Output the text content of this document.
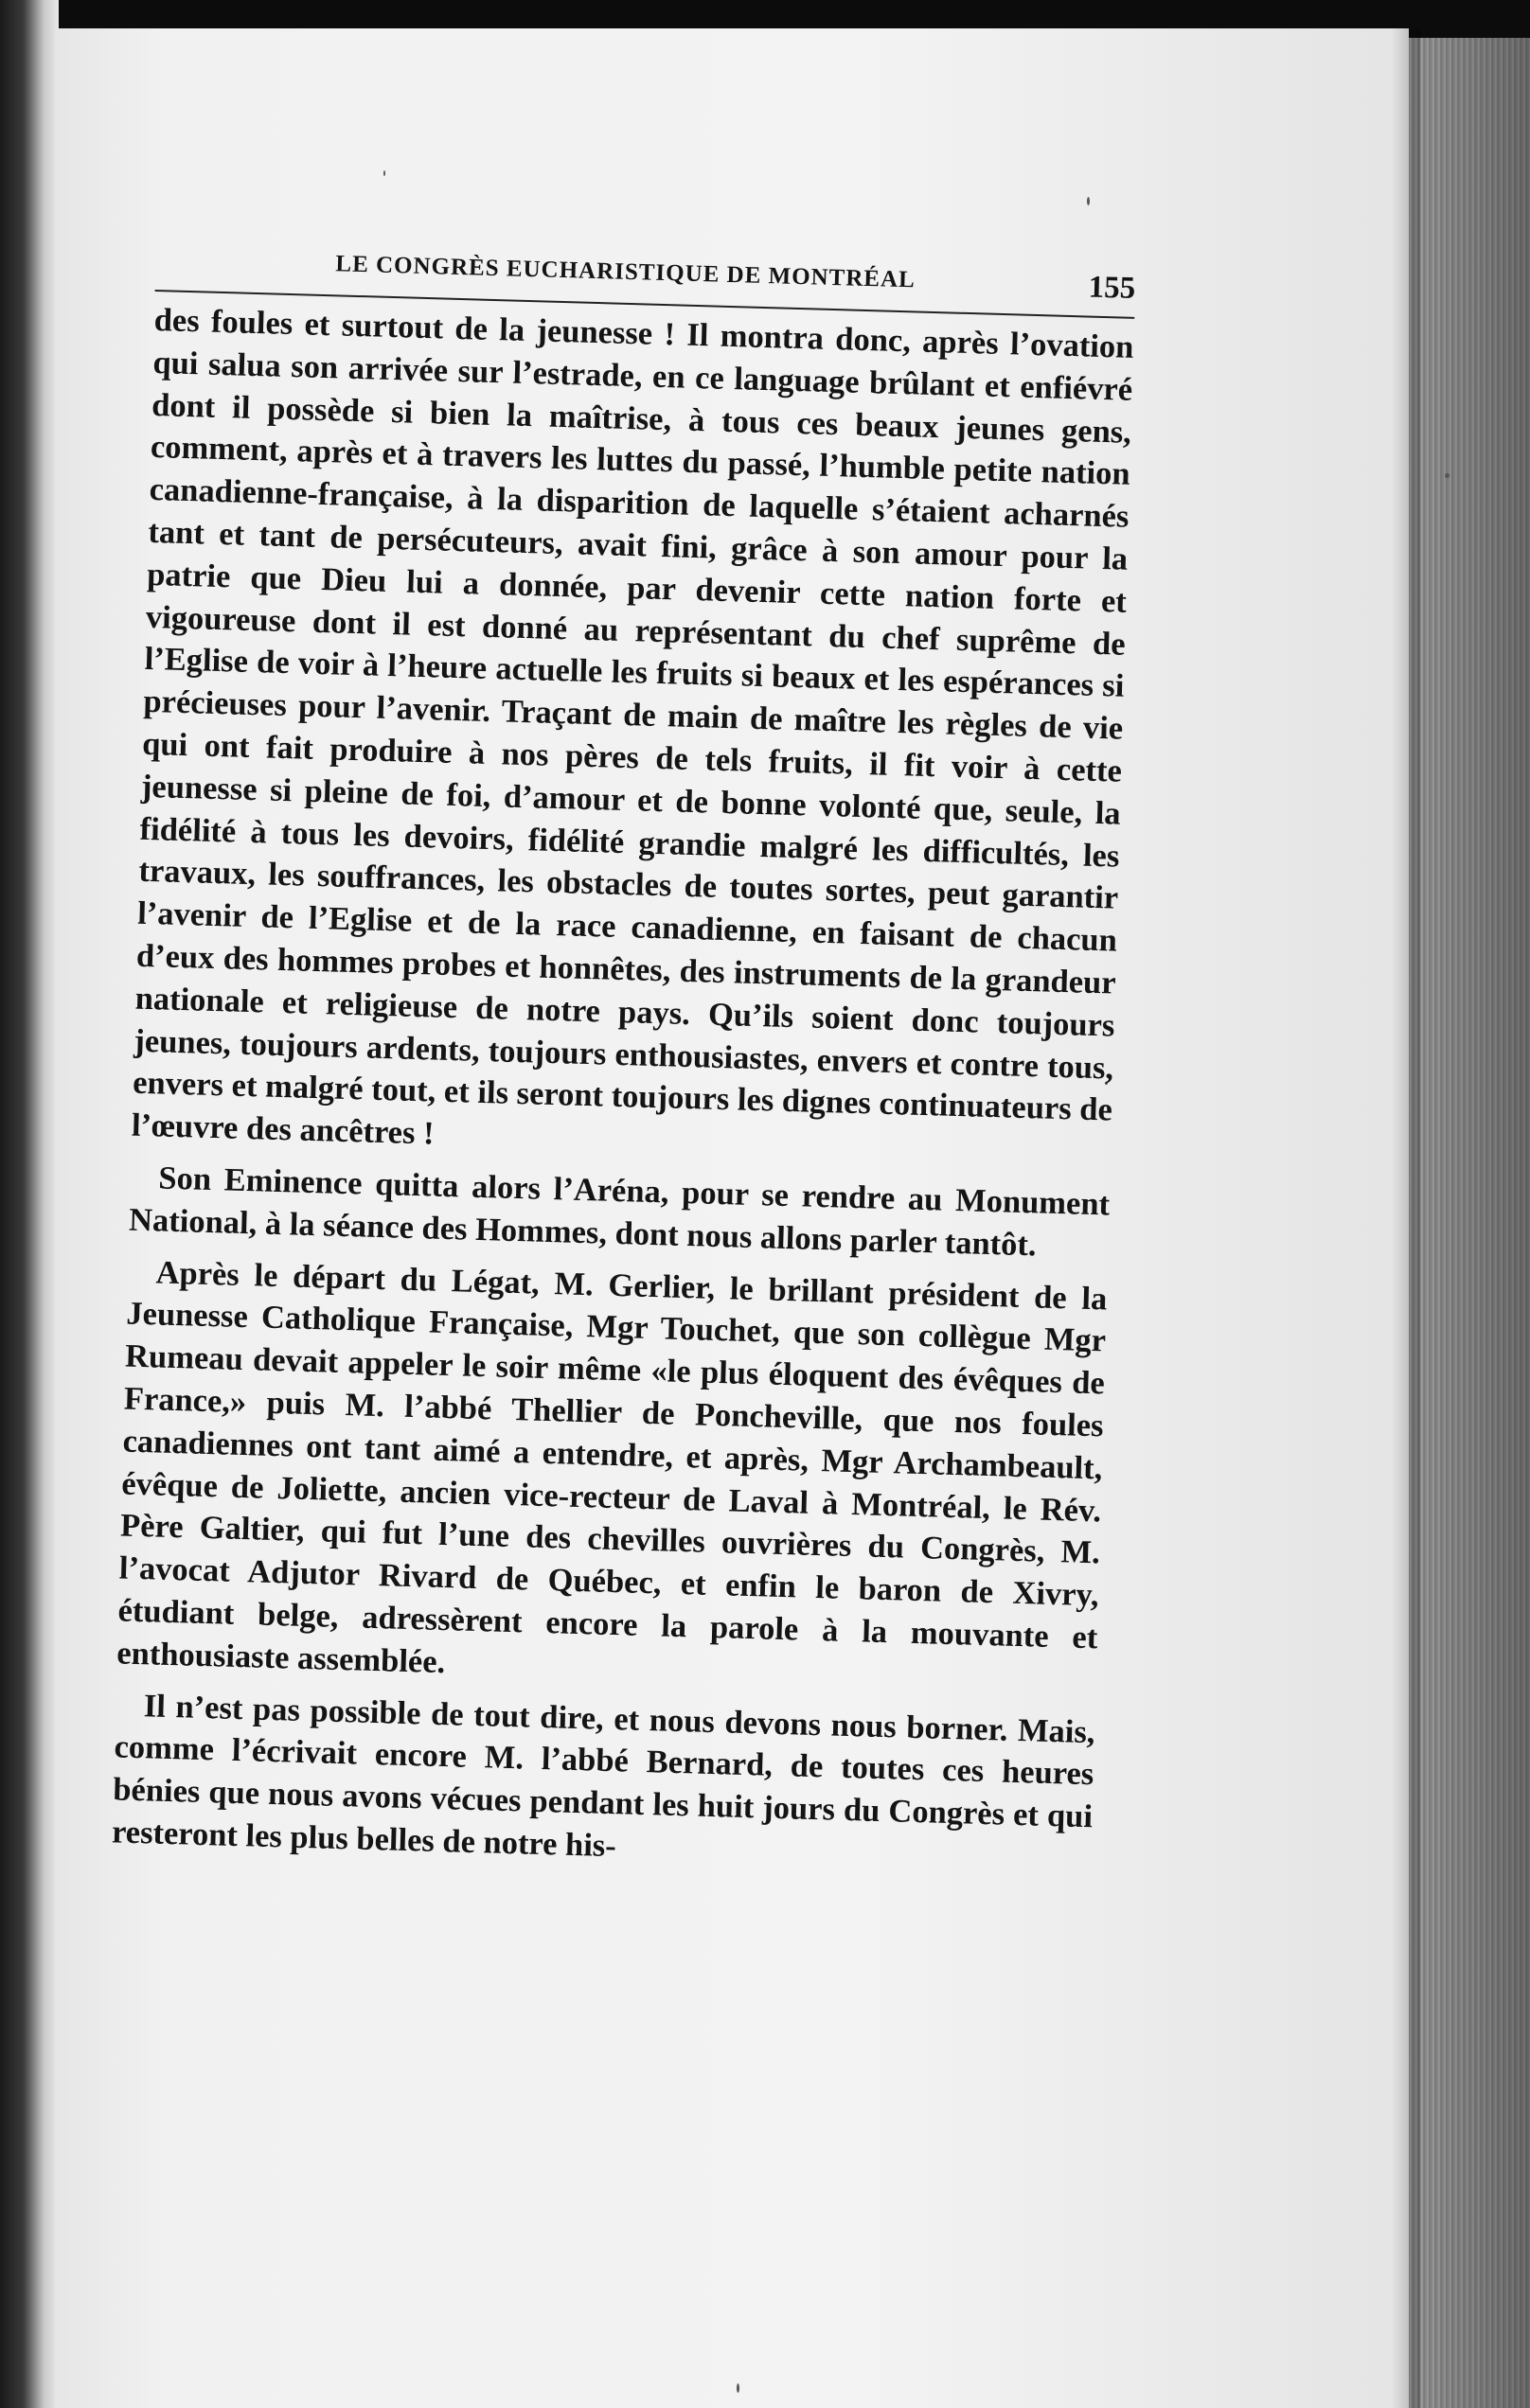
LE CONGRÈS EUCHARISTIQUE DE MONTRÉAL	155

des foules et surtout de la jeunesse ! Il montra donc, après l’ovation qui salua son arrivée sur l’estrade, en ce language brûlant et enfiévré dont il possède si bien la maîtrise, à tous ces beaux jeunes gens, comment, après et à travers les luttes du passé, l’humble petite nation canadienne-française, à la disparition de laquelle s’étaient acharnés tant et tant de persécuteurs, avait fini, grâce à son amour pour la patrie que Dieu lui a donnée, par devenir cette nation forte et vigoureuse dont il est donné au représentant du chef suprême de l’Eglise de voir à l’heure actuelle les fruits si beaux et les espérances si précieuses pour l’avenir. Traçant de main de maître les règles de vie qui ont fait produire à nos pères de tels fruits, il fit voir à cette jeunesse si pleine de foi, d’amour et de bonne volonté que, seule, la fidélité à tous les devoirs, fidélité grandie malgré les difficultés, les travaux, les souffrances, les obstacles de toutes sortes, peut garantir l’avenir de l’Eglise et de la race canadienne, en faisant de chacun d’eux des hommes probes et honnêtes, des instruments de la grandeur nationale et religieuse de notre pays. Qu’ils soient donc toujours jeunes, toujours ardents, toujours enthousiastes, envers et contre tous, envers et malgré tout, et ils seront toujours les dignes continuateurs de l’œuvre des ancêtres !

Son Eminence quitta alors l’Aréna, pour se rendre au Monument National, à la séance des Hommes, dont nous allons parler tantôt.

Après le départ du Légat, M. Gerlier, le brillant président de la Jeunesse Catholique Française, Mgr Touchet, que son collègue Mgr Rumeau devait appeler le soir même «le plus éloquent des évêques de France,» puis M. l’abbé Thellier de Poncheville, que nos foules canadiennes ont tant aimé a entendre, et après, Mgr Archambeault, évêque de Joliette, ancien vice-recteur de Laval à Montréal, le Rév. Père Galtier, qui fut l’une des chevilles ouvrières du Congrès, M. l’avocat Adjutor Rivard de Québec, et enfin le baron de Xivry, étudiant belge, adressèrent encore la parole à la mouvante et enthousiaste assemblée.

Il n’est pas possible de tout dire, et nous devons nous borner. Mais, comme l’écrivait encore M. l’abbé Bernard, de toutes ces heures bénies que nous avons vécues pendant les huit jours du Congrès et qui resteront les plus belles de notre his-
